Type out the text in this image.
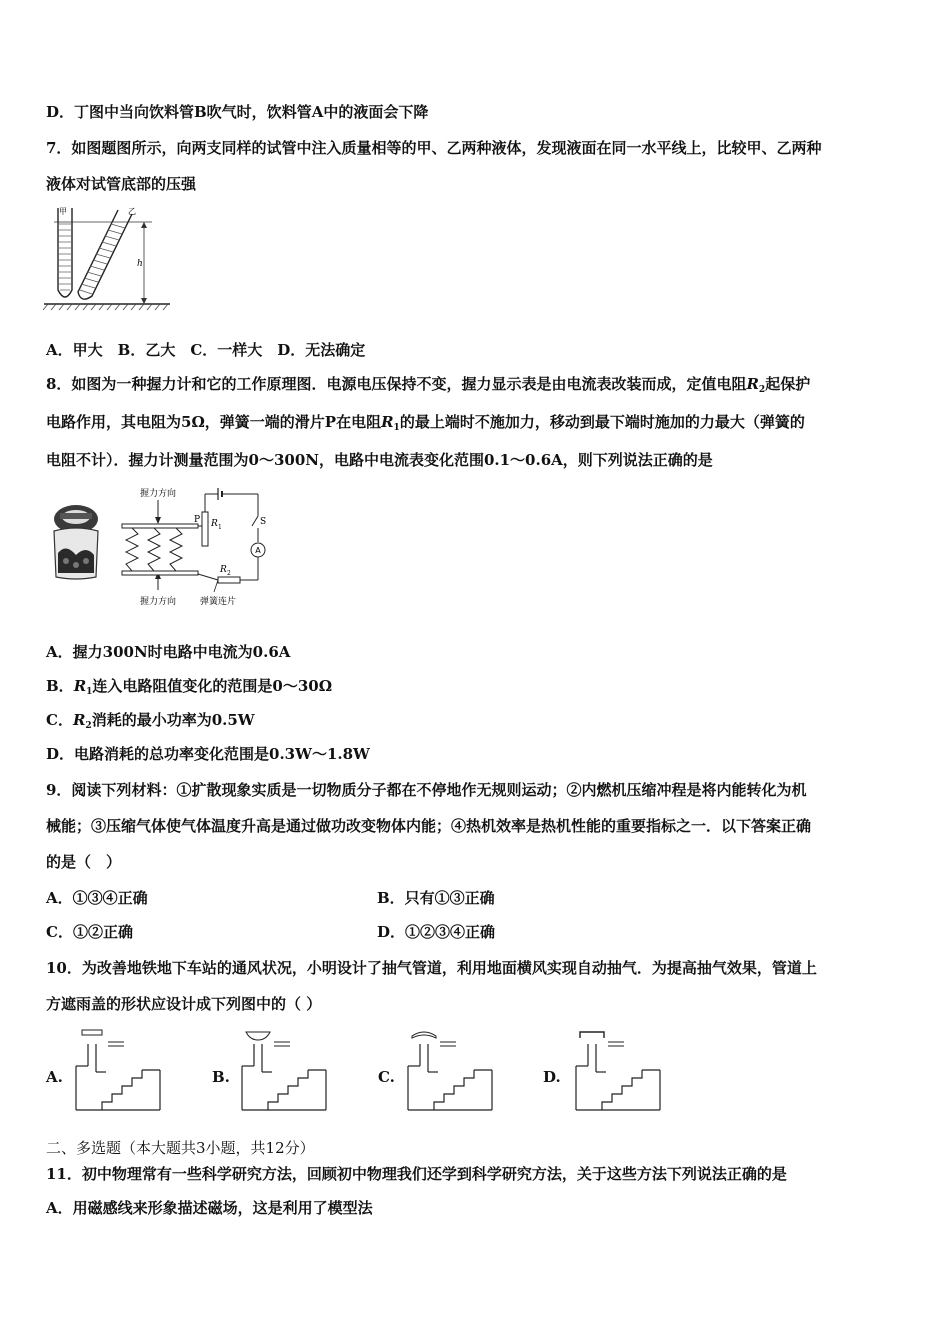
D．丁图中当向饮料管B吹气时，饮料管A中的液面会下降
7．如图题图所示，向两支同样的试管中注入质量相等的甲、乙两种液体，发现液面在同一水平线上，比较甲、乙两种
液体对试管底部的压强
甲	乙
h
A．甲大　B．乙大　C．一样大　D．无法确定
8．如图为一种握力计和它的工作原理图．电源电压保持不变，握力显示表是由电流表改装而成，定值电阻$R_2$起保护
电路作用，其电阻为5Ω，弹簧一端的滑片P在电阻$R_1$的最上端时不施加力，移动到最下端时施加的力最大（弹簧的
电阻不计）．握力计测量范围为0～300N，电路中电流表变化范围0.1～0.6A，则下列说法正确的是
握力方向
握力方向	弹簧连片
P R 1
S
A
R 2
A．握力300N时电路中电流为0.6A
B．$R_1$连入电路阻值变化的范围是0～30Ω
C．$R_2$消耗的最小功率为0.5W
D．电路消耗的总功率变化范围是0.3W～1.8W
9．阅读下列材料：①扩散现象实质是一切物质分子都在不停地作无规则运动；②内燃机压缩冲程是将内能转化为机
械能；③压缩气体使气体温度升高是通过做功改变物体内能；④热机效率是热机性能的重要指标之一．以下答案正确
的是（　）
A．①③④正确	B．只有①③正确
C．①②正确	D．①②③④正确
10．为改善地铁地下车站的通风状况，小明设计了抽气管道，利用地面横风实现自动抽气．为提高抽气效果，管道上
方遮雨盖的形状应设计成下列图中的（ ）
A.	B.	C.	D.
二、多选题（本大题共3小题，共12分）
11．初中物理常有一些科学研究方法，回顾初中物理我们还学到科学研究方法，关于这些方法下列说法正确的是
A．用磁感线来形象描述磁场，这是利用了模型法
